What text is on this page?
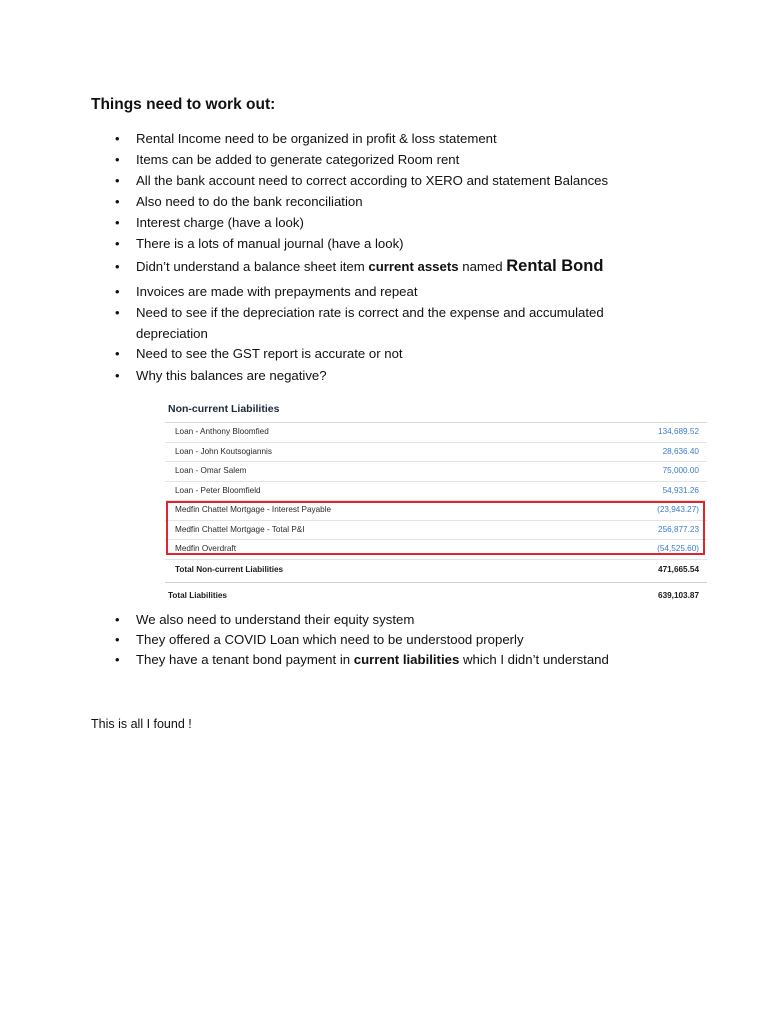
Things need to work out:
• Rental Income need to be organized in profit & loss statement
• Items can be added to generate categorized Room rent
• All the bank account need to correct according to XERO and statement Balances
• Also need to do the bank reconciliation
• Interest charge (have a look)
• There is a lots of manual journal (have a look)
• Didn’t understand a balance sheet item current assets named Rental Bond
• Invoices are made with prepayments and repeat
• Need to see if the depreciation rate is correct and the expense and accumulated depreciation
• Need to see the GST report is accurate or not
• Why this balances are negative?
Non-current Liabilities
Loan - Anthony Bloomfied	134,689.52
Loan - John Koutsogiannis	28,636.40
Loan - Omar Salem	75,000.00
Loan - Peter Bloomfield	54,931.26
Medfin Chattel Mortgage - Interest Payable	(23,943.27)
Medfin Chattel Mortgage - Total P&I	256,877.23
Medfin Overdraft	(54,525.60)
Total Non-current Liabilities	471,665.54
Total Liabilities	639,103.87
• We also need to understand their equity system
• They offered a COVID Loan which need to be understood properly
• They have a tenant bond payment in current liabilities which I didn’t understand
This is all I found !
